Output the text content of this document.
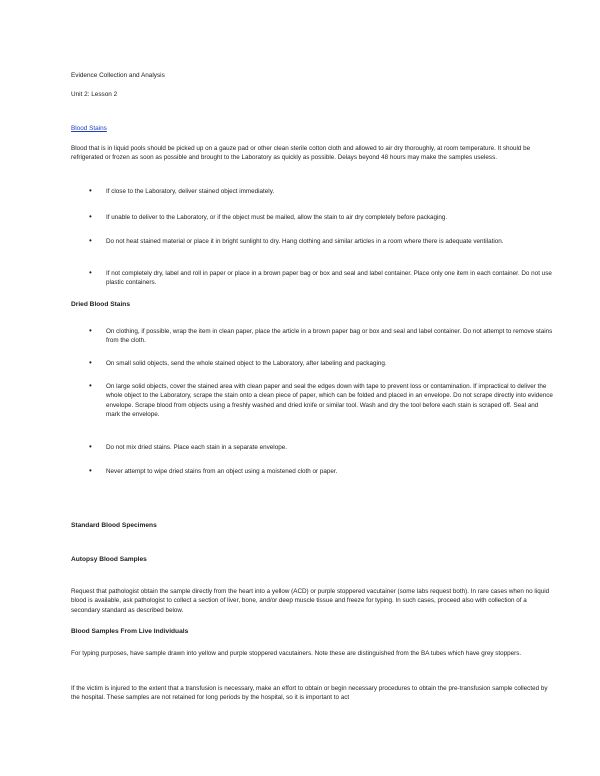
Evidence Collection and Analysis
Unit 2: Lesson 2
Blood Stains
Blood that is in liquid pools should be picked up on a gauze pad or other clean sterile cotton cloth and allowed to air dry thoroughly, at room temperature. It should be refrigerated or frozen as soon as possible and brought to the Laboratory as quickly as possible. Delays beyond 48 hours may make the samples useless.
•	If close to the Laboratory, deliver stained object immediately.
•	If unable to deliver to the Laboratory, or if the object must be mailed, allow the stain to air dry completely before packaging.
•	Do not heat stained material or place it in bright sunlight to dry. Hang clothing and similar articles in a room where there is adequate ventilation.
•	If not completely dry, label and roll in paper or place in a brown paper bag or box and seal and label container. Place only one item in each container. Do not use plastic containers.
Dried Blood Stains
•	On clothing, if possible, wrap the item in clean paper, place the article in a brown paper bag or box and seal and label container. Do not attempt to remove stains from the cloth.
•	On small solid objects, send the whole stained object to the Laboratory, after labeling and packaging.
•	On large solid objects, cover the stained area with clean paper and seal the edges down with tape to prevent loss or contamination. If impractical to deliver the whole object to the Laboratory, scrape the stain onto a clean piece of paper, which can be folded and placed in an envelope. Do not scrape directly into evidence envelope. Scrape blood from objects using a freshly washed and dried knife or similar tool. Wash and dry the tool before each stain is scraped off. Seal and mark the envelope.
•	Do not mix dried stains. Place each stain in a separate envelope.
•	Never attempt to wipe dried stains from an object using a moistened cloth or paper.
Standard Blood Specimens
Autopsy Blood Samples
Request that pathologist obtain the sample directly from the heart into a yellow (ACD) or purple stoppered vacutainer (some labs request both). In rare cases when no liquid blood is available, ask pathologist to collect a section of liver, bone, and/or deep muscle tissue and freeze for typing. In such cases, proceed also with collection of a secondary standard as described below.
Blood Samples From Live Individuals
For typing purposes, have sample drawn into yellow and purple stoppered vacutainers. Note these are distinguished from the BA tubes which have grey stoppers.
If the victim is injured to the extent that a transfusion is necessary, make an effort to obtain or begin necessary procedures to obtain the pre-transfusion sample collected by the hospital. These samples are not retained for long periods by the hospital, so it is important to act
